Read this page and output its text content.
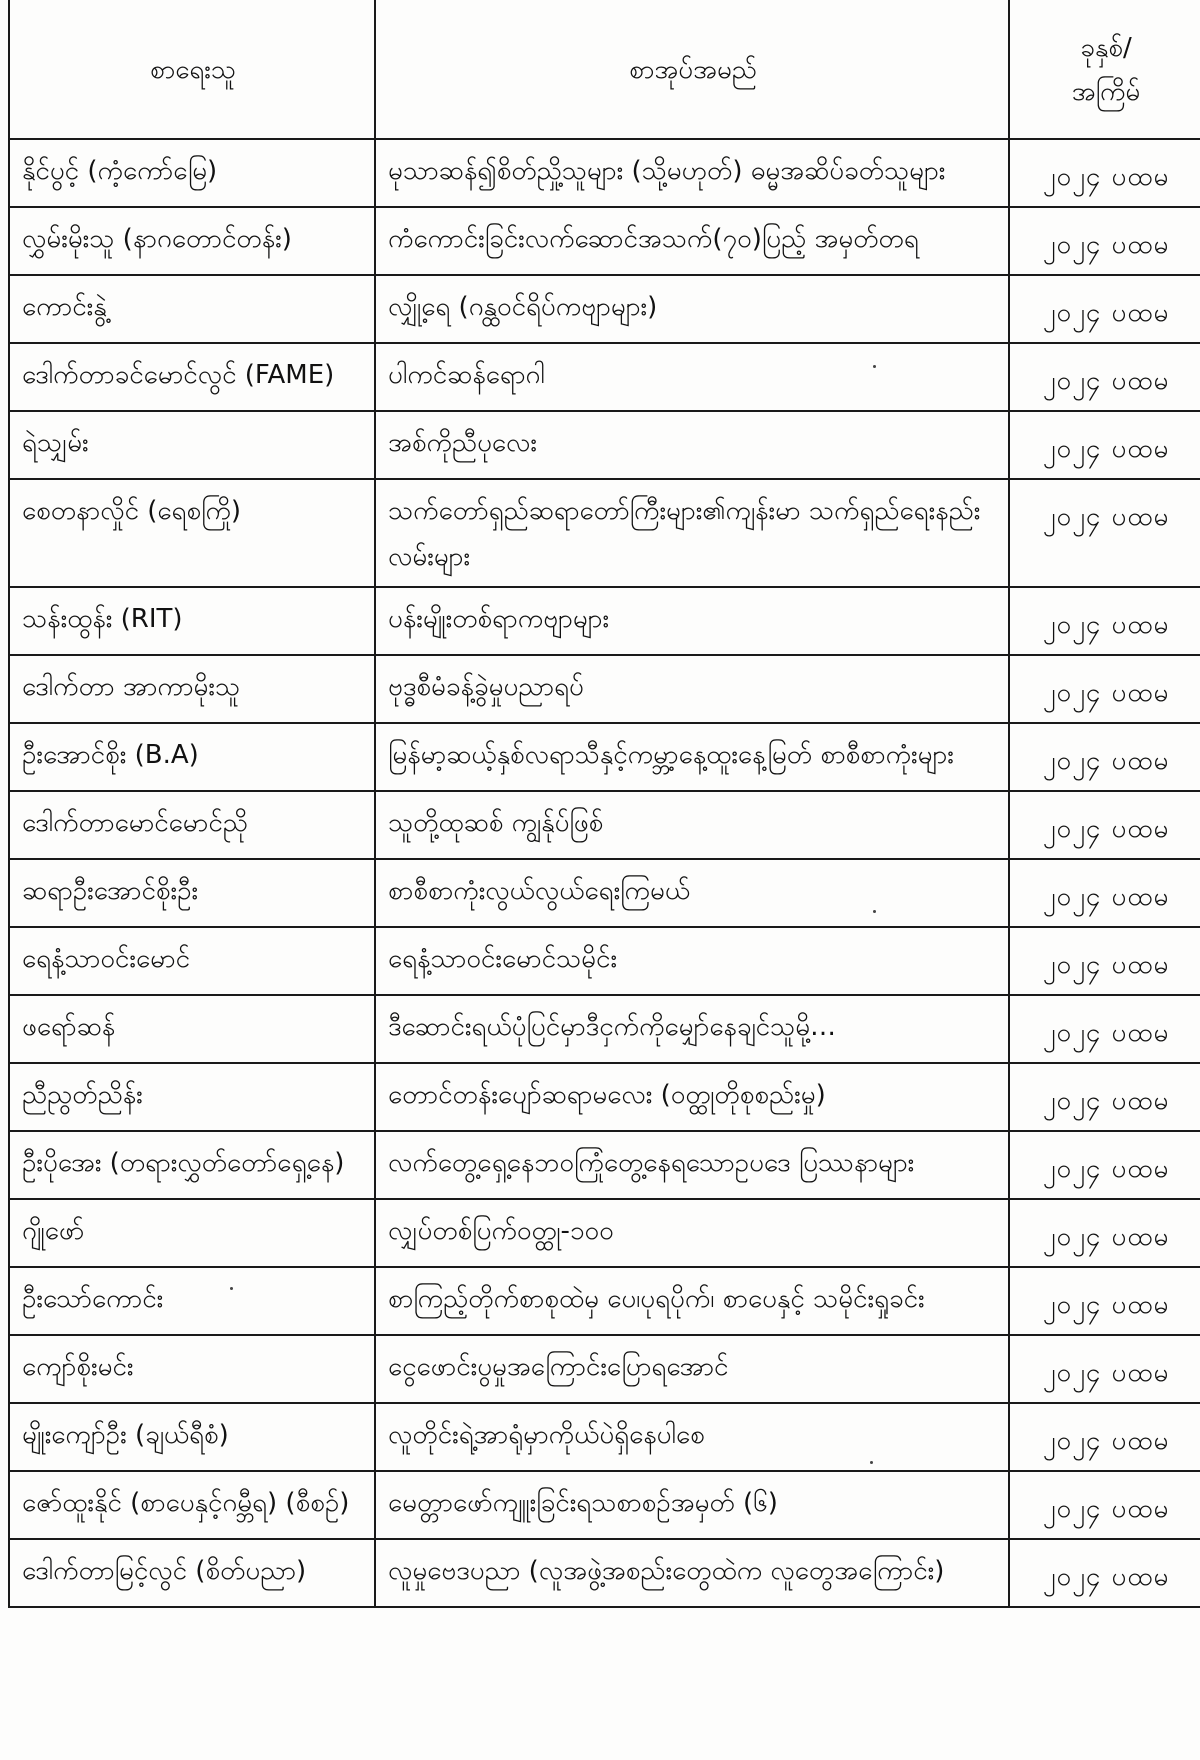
စာရေးသူ	စာအုပ်အမည်	ခုနှစ်/
အကြိမ်

နိုင်ပွင့် (ကံ့ကော်မြေ)	မုသာဆန်၍စိတ်ညှို့သူများ (သို့မဟုတ်) ဓမ္မအဆိပ်ခတ်သူများ	၂၀၂၄ ပထမ
လွှမ်းမိုးသူ (နာဂတောင်တန်း)	ကံကောင်းခြင်းလက်ဆောင်အသက်(၇၀)ပြည့် အမှတ်တရ	၂၀၂၄ ပထမ
ကောင်းနွဲ့	လျှို့ရေ (ဂန္ထဝင်ရိပ်ကဗျာများ)	၂၀၂၄ ပထမ
ဒေါက်တာခင်မောင်လွင် (FAME)	ပါကင်ဆန်ရောဂါ	၂၀၂၄ ပထမ
ရဲသျှမ်း	အစ်ကိုညီပုလေး	၂၀၂၄ ပထမ
စေတနာလှိုင် (ရေစကြို)	သက်တော်ရှည်ဆရာတော်ကြီးများ၏ကျန်းမာ သက်ရှည်ရေးနည်းလမ်းများ	၂၀၂၄ ပထမ
သန်းထွန်း (RIT)	ပန်းမျိုးတစ်ရာကဗျာများ	၂၀၂၄ ပထမ
ဒေါက်တာ အာကာမိုးသူ	ဗုဒ္ဓစီမံခန့်ခွဲမှုပညာရပ်	၂၀၂၄ ပထမ
ဦးအောင်စိုး (B.A)	မြန်မာ့ဆယ့်နှစ်လရာသီနှင့်ကမ္ဘာ့နေ့ထူးနေ့မြတ် စာစီစာကုံးများ	၂၀၂၄ ပထမ
ဒေါက်တာမောင်မောင်ညို	သူတို့ထုဆစ် ကျွန်ုပ်ဖြစ်	၂၀၂၄ ပထမ
ဆရာဦးအောင်စိုးဦး	စာစီစာကုံးလွယ်လွယ်ရေးကြမယ်	၂၀၂၄ ပထမ
ရေနံ့သာဝင်းမောင်	ရေနံ့သာဝင်းမောင်သမိုင်း	၂၀၂၄ ပထမ
ဖရော်ဆန်	ဒီဆောင်းရယ်ပုံပြင်မှာဒီငှက်ကိုမျှော်နေချင်သူမို့…	၂၀၂၄ ပထမ
ညီညွတ်ညိန်း	တောင်တန်းပျော်ဆရာမလေး (ဝတ္ထုတိုစုစည်းမှု)	၂၀၂၄ ပထမ
ဦးပိုအေး (တရားလွှတ်တော်ရှေ့နေ)	လက်တွေ့ရှေ့နေဘဝကြုံတွေ့နေရသောဥပဒေ ပြဿနာများ	၂၀၂၄ ပထမ
ဂျိုဖော်	လျှပ်တစ်ပြက်ဝတ္ထု-၁၀၀	၂၀၂၄ ပထမ
ဦးသော်ကောင်း	စာကြည့်တိုက်စာစုထဲမှ ပေ၊ပုရပိုက်၊ စာပေနှင့် သမိုင်းရှုခင်း	၂၀၂၄ ပထမ
ကျော်စိုးမင်း	ငွေဖောင်းပွမှုအကြောင်းပြောရအောင်	၂၀၂၄ ပထမ
မျိုးကျော်ဦး (ချယ်ရီစံ)	လူတိုင်းရဲ့အာရုံမှာကိုယ်ပဲရှိနေပါစေ	၂၀၂၄ ပထမ
ဇော်ထူးနိုင် (စာပေနှင့်ဂမ္ဘီရ) (စီစဉ်)	မေတ္တာဖော်ကျူးခြင်းရသစာစဉ်အမှတ် (၆)	၂၀၂၄ ပထမ
ဒေါက်တာမြင့်လွင် (စိတ်ပညာ)	လူမှုဗေဒပညာ (လူအဖွဲ့အစည်းတွေထဲက လူတွေအကြောင်း)	၂၀၂၄ ပထမ
